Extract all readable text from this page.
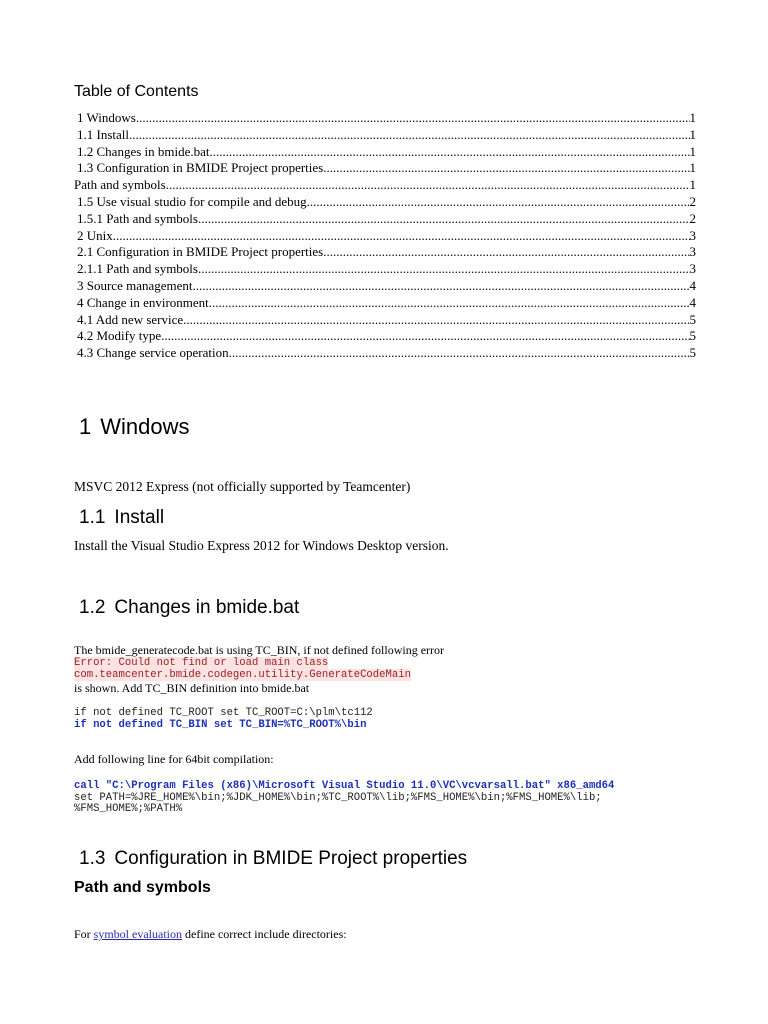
Table of Contents
1 Windows .....	1
1.1 Install .....	1
1.2 Changes in bmide.bat .....	1
1.3 Configuration in BMIDE Project properties .....	1
Path and symbols .....	1
1.5 Use visual studio for compile and debug .....	2
1.5.1 Path and symbols .....	2
2 Unix .....	3
2.1 Configuration in BMIDE Project properties .....	3
2.1.1 Path and symbols .....	3
3 Source management .....	4
4 Change in environment .....	4
4.1 Add new service .....	5
4.2 Modify type .....	5
4.3 Change service operation .....	5
1 Windows
MSVC 2012 Express (not officially supported by Teamcenter)
1.1 Install
Install the Visual Studio Express 2012 for Windows Desktop version.
1.2 Changes in bmide.bat
The bmide_generatecode.bat is using TC_BIN, if not defined following error
Error: Could not find or load main class
com.teamcenter.bmide.codegen.utility.GenerateCodeMain
is shown. Add TC_BIN definition into bmide.bat
if not defined TC_ROOT set TC_ROOT=C:\plm\tc112
if not defined TC_BIN set TC_BIN=%TC_ROOT%\bin
Add following line for 64bit compilation:
call "C:\Program Files (x86)\Microsoft Visual Studio 11.0\VC\vcvarsall.bat" x86_amd64
set PATH=%JRE_HOME%\bin;%JDK_HOME%\bin;%TC_ROOT%\lib;%FMS_HOME%\bin;%FMS_HOME%\lib;
%FMS_HOME%;%PATH%
1.3 Configuration in BMIDE Project properties
Path and symbols
For symbol evaluation define correct include directories:
